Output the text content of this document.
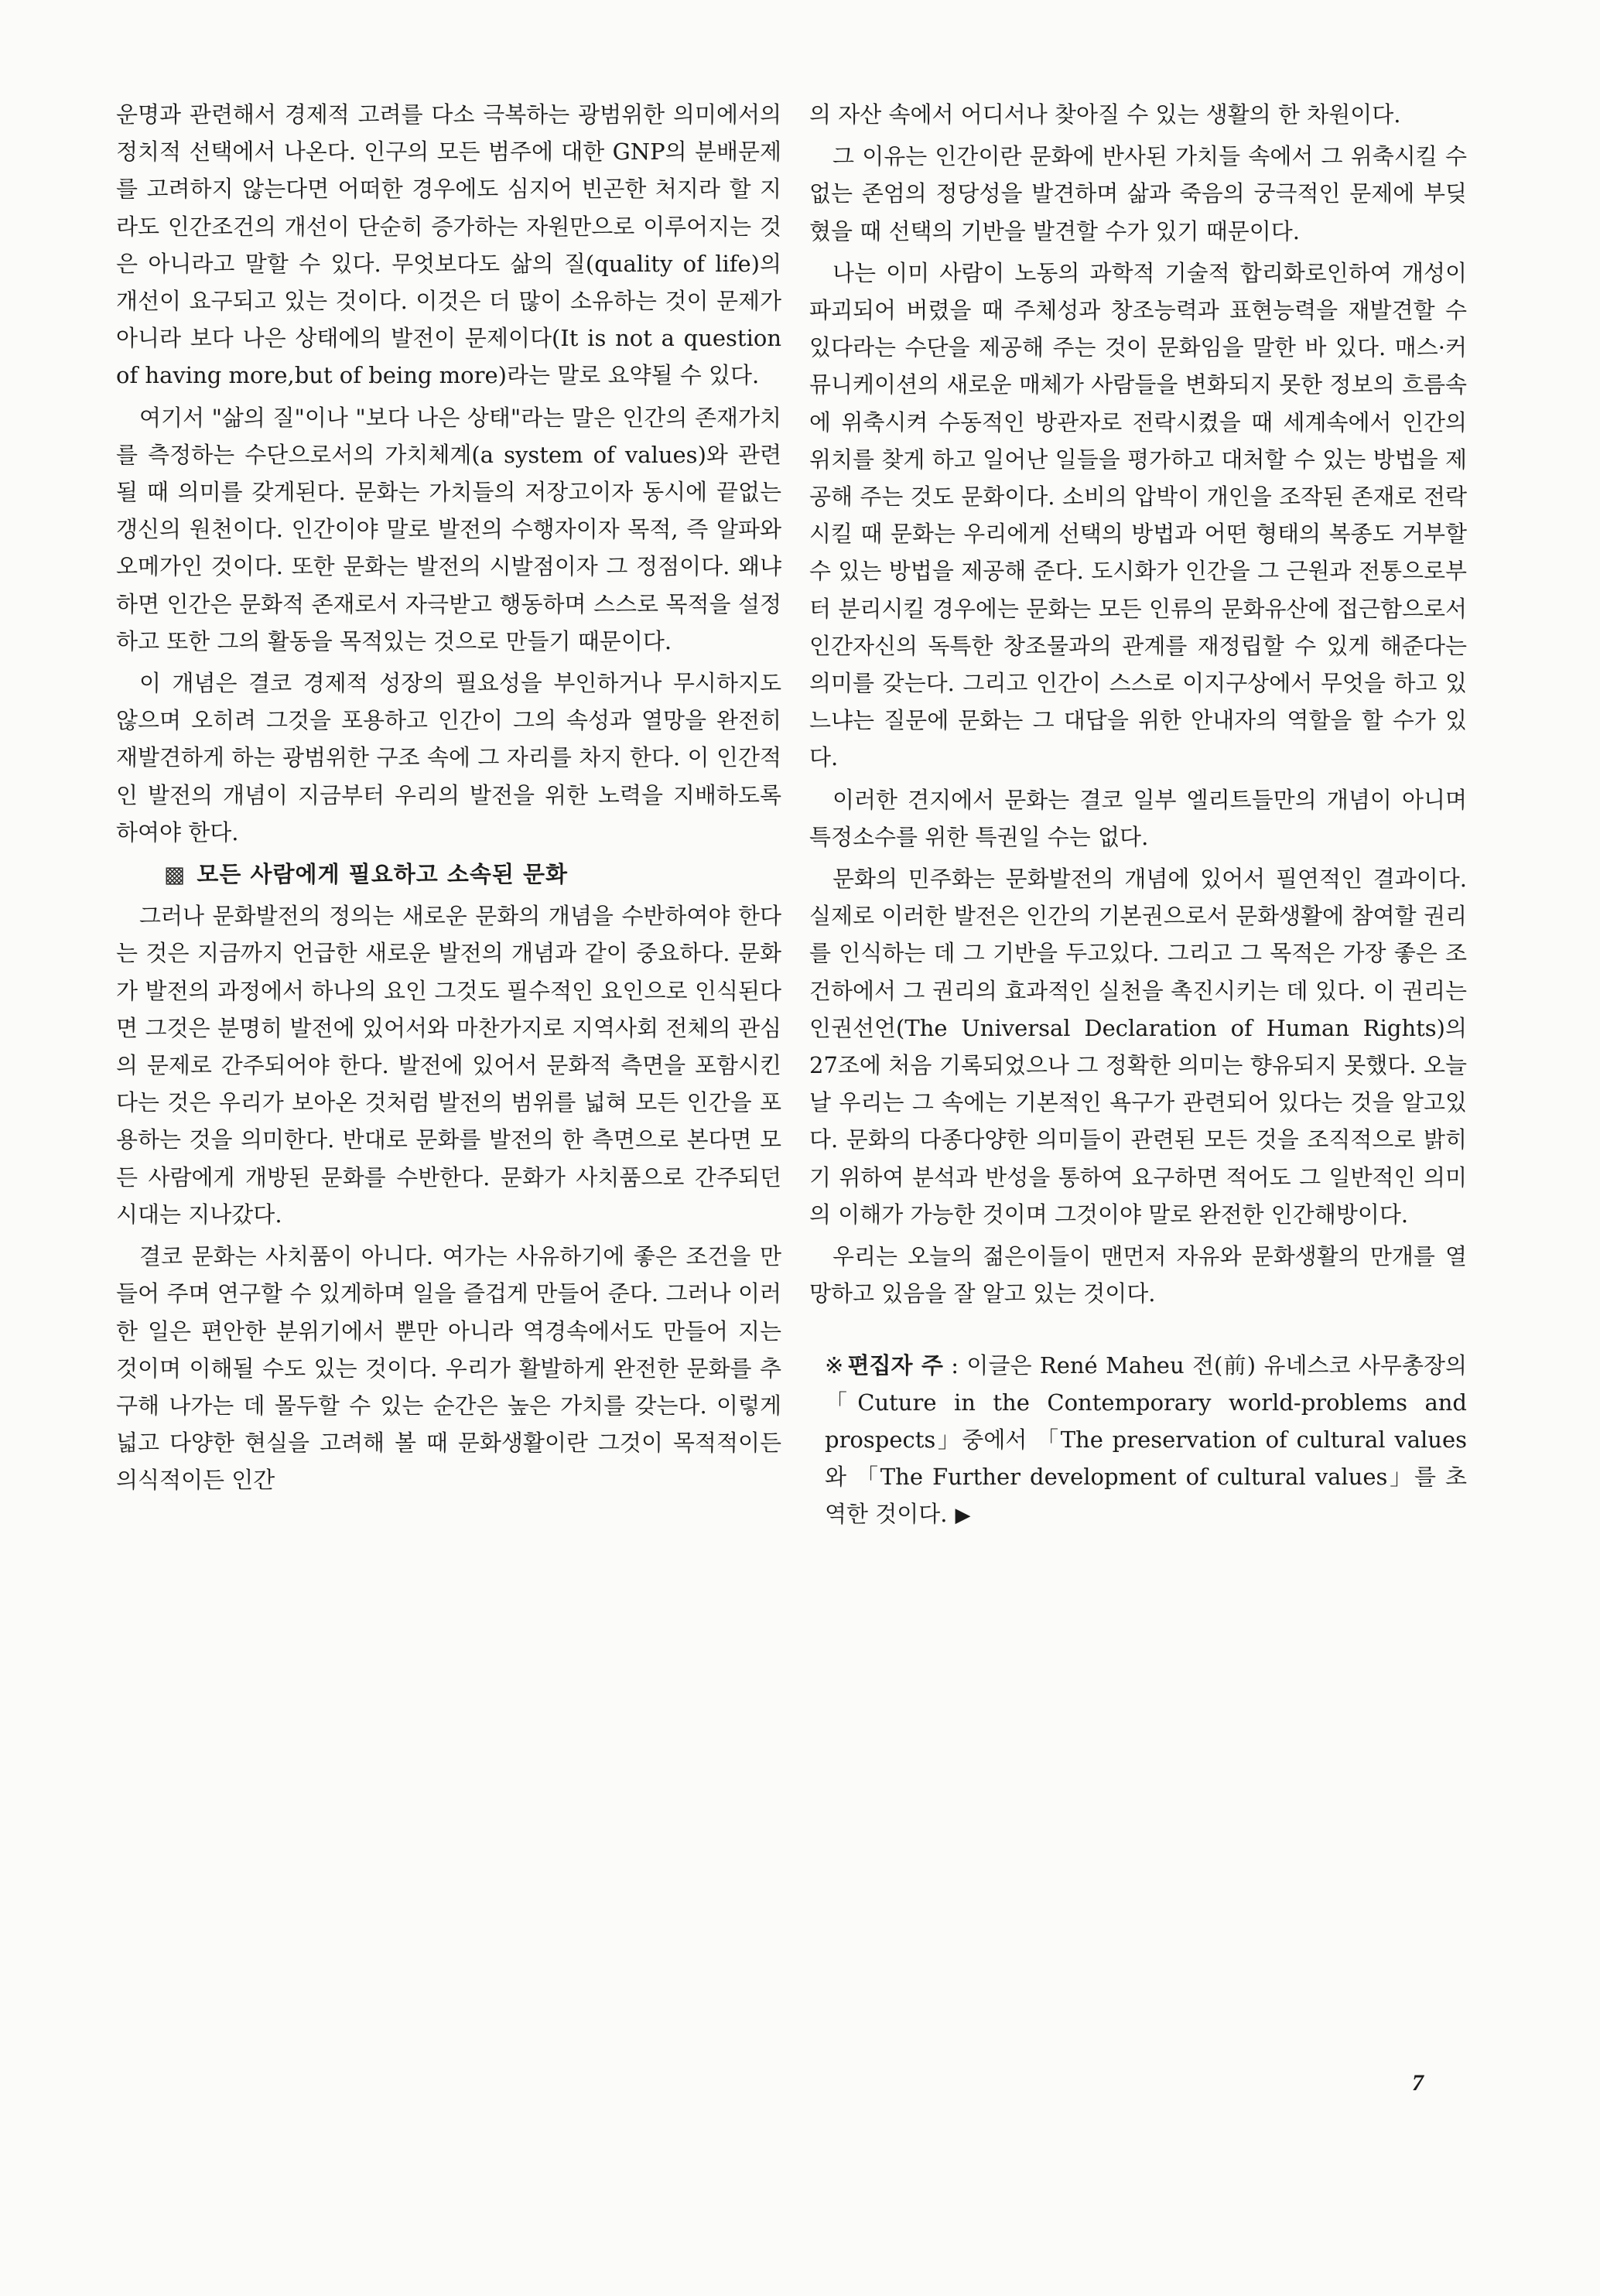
운명과 관련해서 경제적 고려를 다소 극복하는 광범위한 의미에서의 정치적 선택에서 나온다. 인구의 모든 범주에 대한 GNP의 분배문제를 고려하지 않는다면 어떠한 경우에도 심지어 빈곤한 처지라 할 지라도 인간조건의 개선이 단순히 증가하는 자원만으로 이루어지는 것은 아니라고 말할 수 있다. 무엇보다도 삶의 질(quality of life)의 개선이 요구되고 있는 것이다. 이것은 더 많이 소유하는 것이 문제가 아니라 보다 나은 상태에의 발전이 문제이다(It is not a question of having more,but of being more)라는 말로 요약될 수 있다.

여기서 "삶의 질"이나 "보다 나은 상태"라는 말은 인간의 존재가치를 측정하는 수단으로서의 가치체계(a system of values)와 관련될 때 의미를 갖게된다. 문화는 가치들의 저장고이자 동시에 끝없는 갱신의 원천이다. 인간이야 말로 발전의 수행자이자 목적, 즉 알파와 오메가인 것이다. 또한 문화는 발전의 시발점이자 그 정점이다. 왜냐하면 인간은 문화적 존재로서 자극받고 행동하며 스스로 목적을 설정하고 또한 그의 활동을 목적있는 것으로 만들기 때문이다.

이 개념은 결코 경제적 성장의 필요성을 부인하거나 무시하지도 않으며 오히려 그것을 포용하고 인간이 그의 속성과 열망을 완전히 재발견하게 하는 광범위한 구조 속에 그 자리를 차지 한다. 이 인간적인 발전의 개념이 지금부터 우리의 발전을 위한 노력을 지배하도록 하여야 한다.

▩ 모든 사람에게 필요하고 소속된 문화

그러나 문화발전의 정의는 새로운 문화의 개념을 수반하여야 한다는 것은 지금까지 언급한 새로운 발전의 개념과 같이 중요하다. 문화가 발전의 과정에서 하나의 요인 그것도 필수적인 요인으로 인식된다면 그것은 분명히 발전에 있어서와 마찬가지로 지역사회 전체의 관심의 문제로 간주되어야 한다. 발전에 있어서 문화적 측면을 포함시킨다는 것은 우리가 보아온 것처럼 발전의 범위를 넓혀 모든 인간을 포용하는 것을 의미한다. 반대로 문화를 발전의 한 측면으로 본다면 모든 사람에게 개방된 문화를 수반한다. 문화가 사치품으로 간주되던 시대는 지나갔다.

결코 문화는 사치품이 아니다. 여가는 사유하기에 좋은 조건을 만들어 주며 연구할 수 있게하며 일을 즐겁게 만들어 준다. 그러나 이러한 일은 편안한 분위기에서 뿐만 아니라 역경속에서도 만들어 지는 것이며 이해될 수도 있는 것이다. 우리가 활발하게 완전한 문화를 추구해 나가는 데 몰두할 수 있는 순간은 높은 가치를 갖는다. 이렇게 넓고 다양한 현실을 고려해 볼 때 문화생활이란 그것이 목적적이든 의식적이든 인간

의 자산 속에서 어디서나 찾아질 수 있는 생활의 한 차원이다.

그 이유는 인간이란 문화에 반사된 가치들 속에서 그 위축시킬 수 없는 존엄의 정당성을 발견하며 삶과 죽음의 궁극적인 문제에 부딪혔을 때 선택의 기반을 발견할 수가 있기 때문이다.

나는 이미 사람이 노동의 과학적 기술적 합리화로인하여 개성이 파괴되어 버렸을 때 주체성과 창조능력과 표현능력을 재발견할 수 있다라는 수단을 제공해 주는 것이 문화임을 말한 바 있다. 매스·커뮤니케이션의 새로운 매체가 사람들을 변화되지 못한 정보의 흐름속에 위축시켜 수동적인 방관자로 전락시켰을 때 세계속에서 인간의 위치를 찾게 하고 일어난 일들을 평가하고 대처할 수 있는 방법을 제공해 주는 것도 문화이다. 소비의 압박이 개인을 조작된 존재로 전락시킬 때 문화는 우리에게 선택의 방법과 어떤 형태의 복종도 거부할 수 있는 방법을 제공해 준다. 도시화가 인간을 그 근원과 전통으로부터 분리시킬 경우에는 문화는 모든 인류의 문화유산에 접근함으로서 인간자신의 독특한 창조물과의 관계를 재정립할 수 있게 해준다는 의미를 갖는다. 그리고 인간이 스스로 이지구상에서 무엇을 하고 있느냐는 질문에 문화는 그 대답을 위한 안내자의 역할을 할 수가 있다.

이러한 견지에서 문화는 결코 일부 엘리트들만의 개념이 아니며 특정소수를 위한 특권일 수는 없다.

문화의 민주화는 문화발전의 개념에 있어서 필연적인 결과이다. 실제로 이러한 발전은 인간의 기본권으로서 문화생활에 참여할 권리를 인식하는 데 그 기반을 두고있다. 그리고 그 목적은 가장 좋은 조건하에서 그 권리의 효과적인 실천을 촉진시키는 데 있다. 이 권리는 인권선언(The Universal Declaration of Human Rights)의 27조에 처음 기록되었으나 그 정확한 의미는 향유되지 못했다. 오늘날 우리는 그 속에는 기본적인 욕구가 관련되어 있다는 것을 알고있다. 문화의 다종다양한 의미들이 관련된 모든 것을 조직적으로 밝히기 위하여 분석과 반성을 통하여 요구하면 적어도 그 일반적인 의미의 이해가 가능한 것이며 그것이야 말로 완전한 인간해방이다.

우리는 오늘의 젊은이들이 맨먼저 자유와 문화생활의 만개를 열망하고 있음을 잘 알고 있는 것이다.

※ 편집자 주 : 이글은 René Maheu 전(前) 유네스코 사무총장의 「Cuture in the Contemporary world-problems and prospects」중에서 「The preservation of cultural values와 「The Further development of cultural values」를 초역한 것이다. ▶
7
